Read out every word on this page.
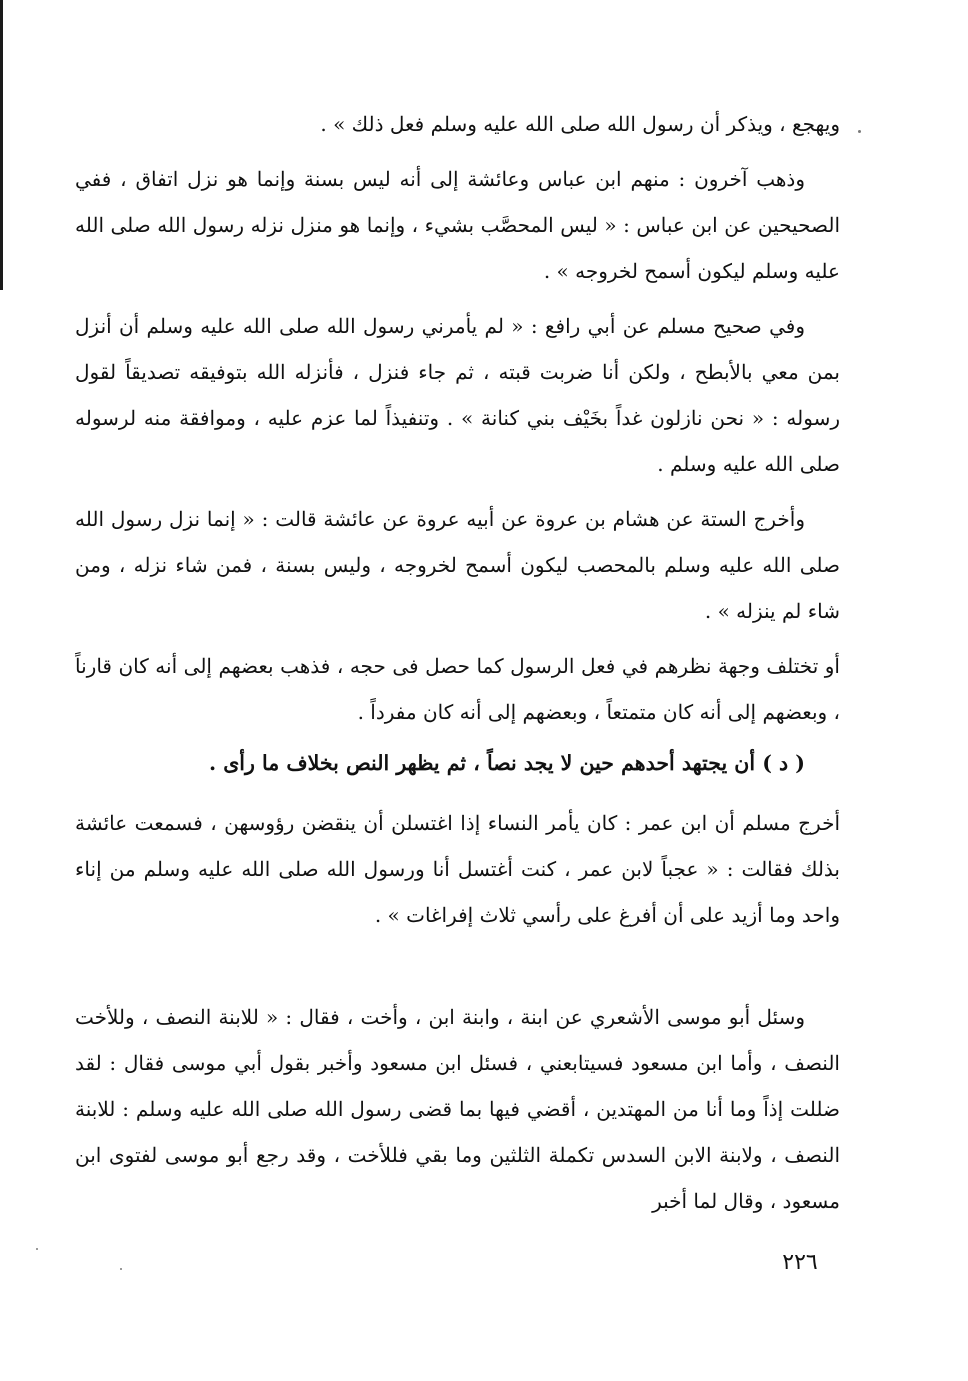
ويهجع ، ويذكر أن رسول الله صلى الله عليه وسلم فعل ذلك » .

وذهب آخرون : منهم ابن عباس وعائشة إلى أنه ليس بسنة وإنما هو نزل اتفاق ، ففي الصحيحين عن ابن عباس : « ليس المحصَّب بشيء ، وإنما هو منزل نزله رسول الله صلى الله عليه وسلم ليكون أسمح لخروجه » .

وفي صحيح مسلم عن أبي رافع : « لم يأمرني رسول الله صلى الله عليه وسلم أن أنزل بمن معي بالأبطح ، ولكن أنا ضربت قبته ، ثم جاء فنزل ، فأنزله الله بتوفيقه تصديقاً لقول رسوله : « نحن نازلون غداً بخَيْف بني كنانة » . وتنفيذاً لما عزم عليه ، وموافقة منه لرسوله صلى الله عليه وسلم .

وأخرج الستة عن هشام بن عروة عن أبيه عروة عن عائشة قالت : « إنما نزل رسول الله صلى الله عليه وسلم بالمحصب ليكون أسمح لخروجه ، وليس بسنة ، فمن شاء نزله ، ومن شاء لم ينزله » .

أو تختلف وجهة نظرهم في فعل الرسول كما حصل فى حجه ، فذهب بعضهم إلى أنه كان قارناً ، وبعضهم إلى أنه كان متمتعاً ، وبعضهم إلى أنه كان مفرداً .

( د ) أن يجتهد أحدهم حين لا يجد نصاً ، ثم يظهر النص بخلاف ما رأى .

أخرج مسلم أن ابن عمر : كان يأمر النساء إذا اغتسلن أن ينقضن رؤوسهن ، فسمعت عائشة بذلك فقالت : « عجباً لابن عمر ، كنت أغتسل أنا ورسول الله صلى الله عليه وسلم من إناء واحد وما أزيد على أن أفرغ على رأسي ثلاث إفراغات » .

وسئل أبو موسى الأشعري عن ابنة ، وابنة ابن ، وأخت ، فقال : « للابنة النصف ، وللأخت النصف ، وأما ابن مسعود فسيتابعني ، فسئل ابن مسعود وأخبر بقول أبي موسى فقال : لقد ضللت إذاً وما أنا من المهتدين ، أقضي فيها بما قضى رسول الله صلى الله عليه وسلم : للابنة النصف ، ولابنة الابن السدس تكملة الثلثين وما بقي فللأخت ، وقد رجع أبو موسى لفتوى ابن مسعود ، وقال لما أخبر

٢٢٦
